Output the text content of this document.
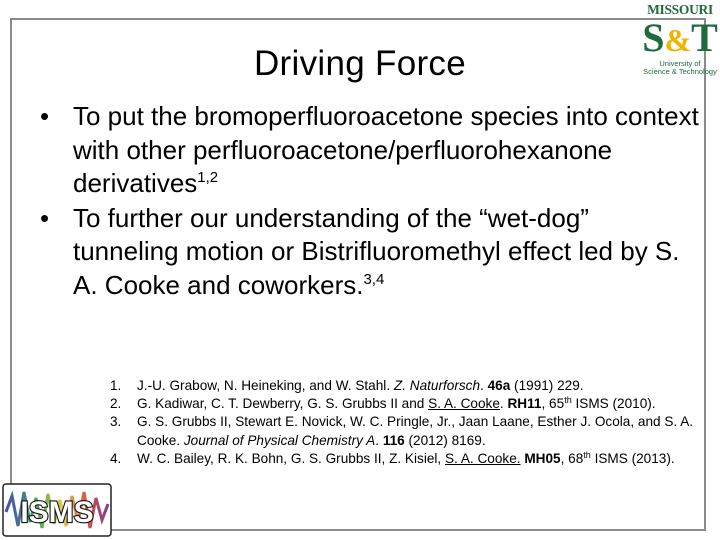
MISSOURI
S&T
University of
Science & Technology
Driving Force
• To put the bromoperfluoroacetone species into context with other perfluoroacetone/perfluorohexanone derivatives$^{1,2}$
• To further our understanding of the “wet-dog” tunneling motion or Bistrifluoromethyl effect led by S. A. Cooke and coworkers.$^{3,4}$
1. J.-U. Grabow, N. Heineking, and W. Stahl. Z. Naturforsch. 46a (1991) 229.
2. G. Kadiwar, C. T. Dewberry, G. S. Grubbs II and S. A. Cooke. RH11, 65th ISMS (2010).
3. G. S. Grubbs II, Stewart E. Novick, W. C. Pringle, Jr., Jaan Laane, Esther J. Ocola, and S. A. Cooke. Journal of Physical Chemistry A. 116 (2012) 8169.
4. W. C. Bailey, R. K. Bohn, G. S. Grubbs II, Z. Kisiel, S. A. Cooke. MH05, 68th ISMS (2013).
ISMS
